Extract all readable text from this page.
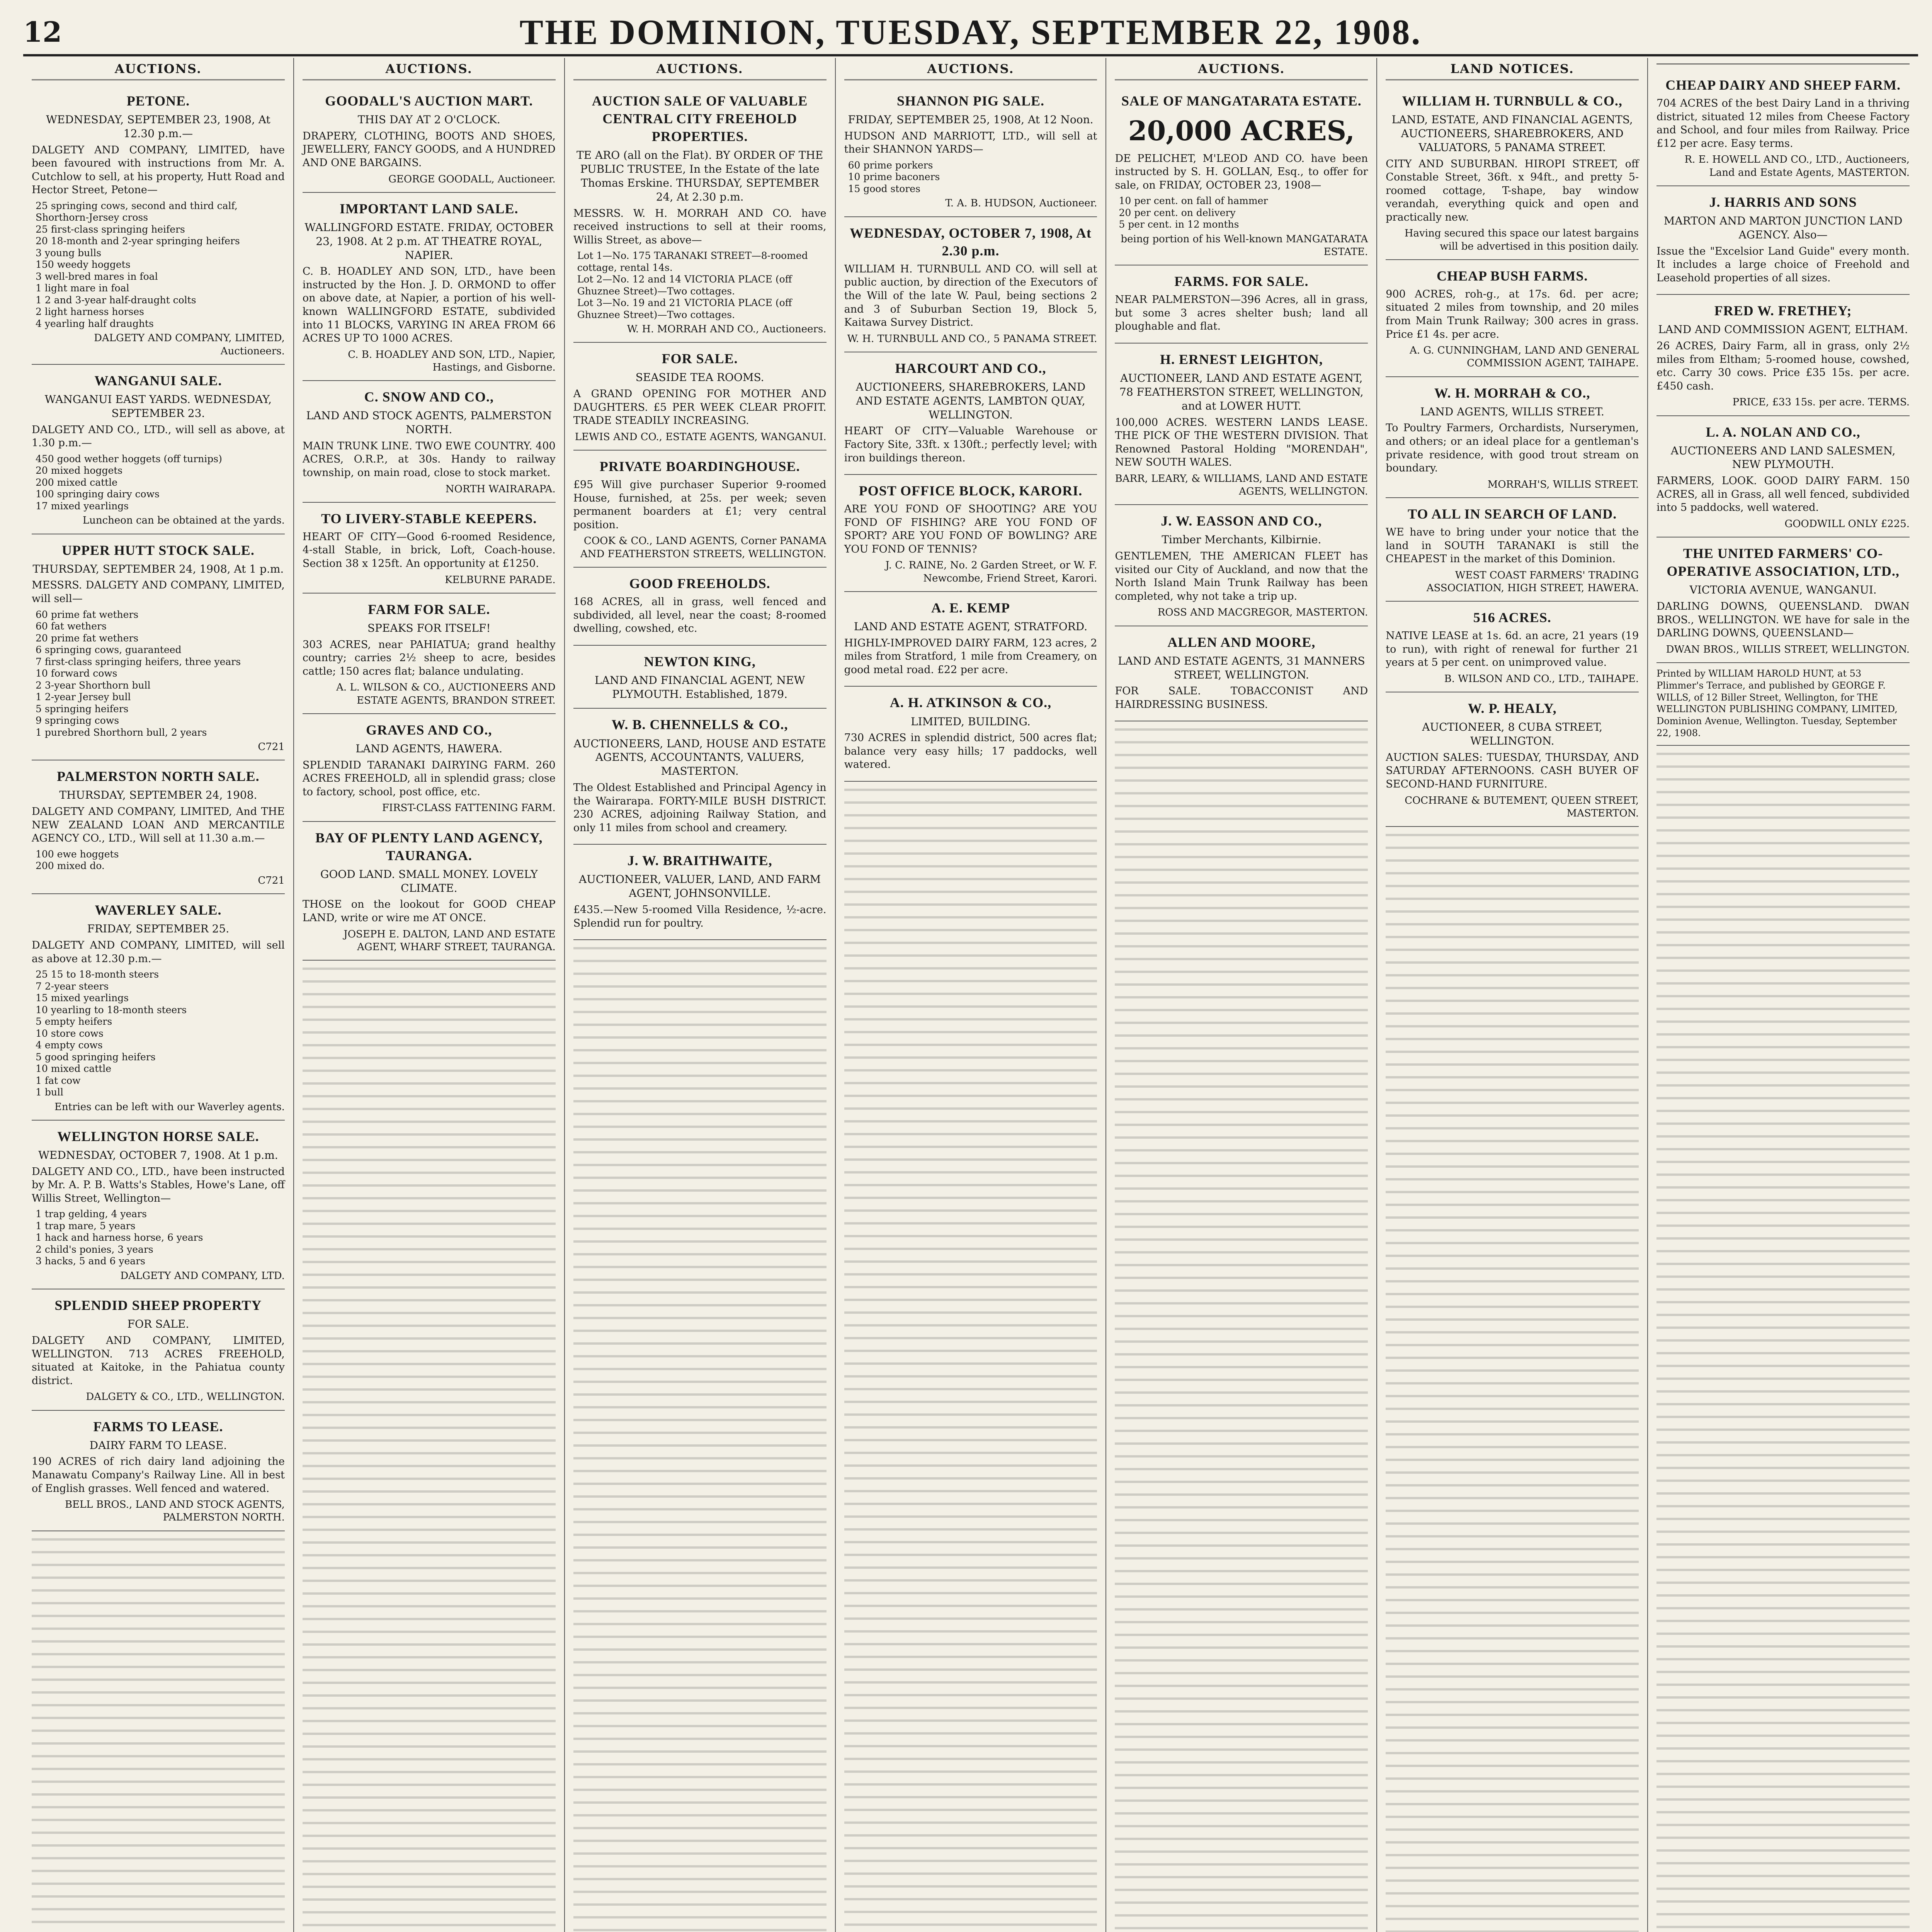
12	THE DOMINION, TUESDAY, SEPTEMBER 22, 1908.
AUCTIONS.
PETONE.
WEDNESDAY, SEPTEMBER 23, 1908, At 12.30 p.m.—
DALGETY AND COMPANY, LIMITED, have been favoured with instructions from Mr. A. Cutchlow to sell, at his property, Hutt Road and Hector Street, Petone—
25 springing cows, second and third calf, Shorthorn-Jersey cross
25 first-class springing heifers
20 18-month and 2-year springing heifers
3 young bulls
150 weedy hoggets
3 well-bred mares in foal
1 light mare in foal
1 2 and 3-year half-draught colts
2 light harness horses
4 yearling half draughts
DALGETY AND COMPANY, LIMITED, Auctioneers.
WANGANUI SALE.
WANGANUI EAST YARDS. WEDNESDAY, SEPTEMBER 23.
DALGETY AND CO., LTD., will sell as above, at 1.30 p.m.—
450 good wether hoggets (off turnips)
20 mixed hoggets
200 mixed cattle
100 springing dairy cows
17 mixed yearlings
Luncheon can be obtained at the yards.
UPPER HUTT STOCK SALE.
THURSDAY, SEPTEMBER 24, 1908, At 1 p.m.
MESSRS. DALGETY AND COMPANY, LIMITED, will sell—
60 prime fat wethers
60 fat wethers
20 prime fat wethers
6 springing cows, guaranteed
7 first-class springing heifers, three years
10 forward cows
2 3-year Shorthorn bull
1 2-year Jersey bull
5 springing heifers
9 springing cows
1 purebred Shorthorn bull, 2 years
C721
PALMERSTON NORTH SALE.
THURSDAY, SEPTEMBER 24, 1908.
DALGETY AND COMPANY, LIMITED, And THE NEW ZEALAND LOAN AND MERCANTILE AGENCY CO., LTD., Will sell at 11.30 a.m.—
100 ewe hoggets
200 mixed do.
C721
WAVERLEY SALE.
FRIDAY, SEPTEMBER 25.
DALGETY AND COMPANY, LIMITED, will sell as above at 12.30 p.m.—
25 15 to 18-month steers
7 2-year steers
15 mixed yearlings
10 yearling to 18-month steers
5 empty heifers
10 store cows
4 empty cows
5 good springing heifers
10 mixed cattle
1 fat cow
1 bull
Entries can be left with our Waverley agents.
WELLINGTON HORSE SALE.
WEDNESDAY, OCTOBER 7, 1908. At 1 p.m.
DALGETY AND CO., LTD., have been instructed by Mr. A. P. B. Watts's Stables, Howe's Lane, off Willis Street, Wellington—
1 trap gelding, 4 years
1 trap mare, 5 years
1 hack and harness horse, 6 years
2 child's ponies, 3 years
3 hacks, 5 and 6 years
DALGETY AND COMPANY, LTD.
SPLENDID SHEEP PROPERTY
FOR SALE.
DALGETY AND COMPANY, LIMITED, WELLINGTON. 713 ACRES FREEHOLD, situated at Kaitoke, in the Pahiatua county district.
DALGETY & CO., LTD., WELLINGTON.
FARMS TO LEASE.
DAIRY FARM TO LEASE.
190 ACRES of rich dairy land adjoining the Manawatu Company's Railway Line. All in best of English grasses. Well fenced and watered.
BELL BROS., LAND AND STOCK AGENTS, PALMERSTON NORTH.
AUCTIONS.
GOODALL'S AUCTION MART.
THIS DAY AT 2 O'CLOCK.
DRAPERY, CLOTHING, BOOTS AND SHOES, JEWELLERY, FANCY GOODS, and A HUNDRED AND ONE BARGAINS.
GEORGE GOODALL, Auctioneer.
IMPORTANT LAND SALE.
WALLINGFORD ESTATE. FRIDAY, OCTOBER 23, 1908. At 2 p.m. AT THEATRE ROYAL, NAPIER.
C. B. HOADLEY AND SON, LTD., have been instructed by the Hon. J. D. ORMOND to offer on above date, at Napier, a portion of his well-known WALLINGFORD ESTATE, subdivided into 11 BLOCKS, VARYING IN AREA FROM 66 ACRES UP TO 1000 ACRES.
C. B. HOADLEY AND SON, LTD., Napier, Hastings, and Gisborne.
C. SNOW AND CO.,
LAND AND STOCK AGENTS, PALMERSTON NORTH.
MAIN TRUNK LINE. TWO EWE COUNTRY. 400 ACRES, O.R.P., at 30s. Handy to railway township, on main road, close to stock market.
NORTH WAIRARAPA.
TO LIVERY-STABLE KEEPERS.
HEART OF CITY—Good 6-roomed Residence, 4-stall Stable, in brick, Loft, Coach-house. Section 38 x 125ft. An opportunity at £1250.
KELBURNE PARADE.
FARM FOR SALE.
SPEAKS FOR ITSELF!
303 ACRES, near PAHIATUA; grand healthy country; carries 2½ sheep to acre, besides cattle; 150 acres flat; balance undulating.
A. L. WILSON & CO., AUCTIONEERS AND ESTATE AGENTS, BRANDON STREET.
GRAVES AND CO.,
LAND AGENTS, HAWERA.
SPLENDID TARANAKI DAIRYING FARM. 260 ACRES FREEHOLD, all in splendid grass; close to factory, school, post office, etc.
FIRST-CLASS FATTENING FARM.
BAY OF PLENTY LAND AGENCY, TAURANGA.
GOOD LAND. SMALL MONEY. LOVELY CLIMATE.
THOSE on the lookout for GOOD CHEAP LAND, write or wire me AT ONCE.
JOSEPH E. DALTON, LAND AND ESTATE AGENT, WHARF STREET, TAURANGA.
AUCTIONS.
AUCTION SALE OF VALUABLE CENTRAL CITY FREEHOLD PROPERTIES.
TE ARO (all on the Flat). BY ORDER OF THE PUBLIC TRUSTEE, In the Estate of the late Thomas Erskine. THURSDAY, SEPTEMBER 24, At 2.30 p.m.
MESSRS. W. H. MORRAH AND CO. have received instructions to sell at their rooms, Willis Street, as above—
Lot 1—No. 175 TARANAKI STREET—8-roomed cottage, rental 14s.
Lot 2—No. 12 and 14 VICTORIA PLACE (off Ghuznee Street)—Two cottages.
Lot 3—No. 19 and 21 VICTORIA PLACE (off Ghuznee Street)—Two cottages.
W. H. MORRAH AND CO., Auctioneers.
FOR SALE.
SEASIDE TEA ROOMS.
A GRAND OPENING FOR MOTHER AND DAUGHTERS. £5 PER WEEK CLEAR PROFIT. TRADE STEADILY INCREASING.
LEWIS AND CO., ESTATE AGENTS, WANGANUI.
PRIVATE BOARDINGHOUSE.
£95 Will give purchaser Superior 9-roomed House, furnished, at 25s. per week; seven permanent boarders at £1; very central position.
COOK & CO., LAND AGENTS, Corner PANAMA AND FEATHERSTON STREETS, WELLINGTON.
GOOD FREEHOLDS.
168 ACRES, all in grass, well fenced and subdivided, all level, near the coast; 8-roomed dwelling, cowshed, etc.
NEWTON KING,
LAND AND FINANCIAL AGENT, NEW PLYMOUTH. Established, 1879.
W. B. CHENNELLS & CO.,
AUCTIONEERS, LAND, HOUSE AND ESTATE AGENTS, ACCOUNTANTS, VALUERS, MASTERTON.
The Oldest Established and Principal Agency in the Wairarapa. FORTY-MILE BUSH DISTRICT. 230 ACRES, adjoining Railway Station, and only 11 miles from school and creamery.
J. W. BRAITHWAITE,
AUCTIONEER, VALUER, LAND, AND FARM AGENT, JOHNSONVILLE.
£435.—New 5-roomed Villa Residence, ½-acre. Splendid run for poultry.
AUCTIONS.
SHANNON PIG SALE.
FRIDAY, SEPTEMBER 25, 1908, At 12 Noon.
HUDSON AND MARRIOTT, LTD., will sell at their SHANNON YARDS—
60 prime porkers
10 prime baconers
15 good stores
T. A. B. HUDSON, Auctioneer.
WEDNESDAY, OCTOBER 7, 1908, At 2.30 p.m.
WILLIAM H. TURNBULL AND CO. will sell at public auction, by direction of the Executors of the Will of the late W. Paul, being sections 2 and 3 of Suburban Section 19, Block 5, Kaitawa Survey District.
W. H. TURNBULL AND CO., 5 PANAMA STREET.
HARCOURT AND CO.,
AUCTIONEERS, SHAREBROKERS, LAND AND ESTATE AGENTS, LAMBTON QUAY, WELLINGTON.
HEART OF CITY—Valuable Warehouse or Factory Site, 33ft. x 130ft.; perfectly level; with iron buildings thereon.
POST OFFICE BLOCK, KARORI.
ARE YOU FOND OF SHOOTING? ARE YOU FOND OF FISHING? ARE YOU FOND OF SPORT? ARE YOU FOND OF BOWLING? ARE YOU FOND OF TENNIS?
J. C. RAINE, No. 2 Garden Street, or W. F. Newcombe, Friend Street, Karori.
A. E. KEMP
LAND AND ESTATE AGENT, STRATFORD.
HIGHLY-IMPROVED DAIRY FARM, 123 acres, 2 miles from Stratford, 1 mile from Creamery, on good metal road. £22 per acre.
A. H. ATKINSON & CO.,
LIMITED, BUILDING.
730 ACRES in splendid district, 500 acres flat; balance very easy hills; 17 paddocks, well watered.
AUCTIONS.
SALE OF MANGATARATA ESTATE.
20,000 ACRES,
DE PELICHET, M'LEOD AND CO. have been instructed by S. H. GOLLAN, Esq., to offer for sale, on FRIDAY, OCTOBER 23, 1908—
10 per cent. on fall of hammer
20 per cent. on delivery
5 per cent. in 12 months
being portion of his Well-known MANGATARATA ESTATE.
FARMS. FOR SALE.
NEAR PALMERSTON—396 Acres, all in grass, but some 3 acres shelter bush; land all ploughable and flat.
H. ERNEST LEIGHTON,
AUCTIONEER, LAND AND ESTATE AGENT, 78 FEATHERSTON STREET, WELLINGTON, and at LOWER HUTT.
100,000 ACRES. WESTERN LANDS LEASE. THE PICK OF THE WESTERN DIVISION. That Renowned Pastoral Holding "MORENDAH", NEW SOUTH WALES.
BARR, LEARY, & WILLIAMS, LAND AND ESTATE AGENTS, WELLINGTON.
J. W. EASSON AND CO.,
Timber Merchants, Kilbirnie.
GENTLEMEN, THE AMERICAN FLEET has visited our City of Auckland, and now that the North Island Main Trunk Railway has been completed, why not take a trip up.
ROSS AND MACGREGOR, MASTERTON.
ALLEN AND MOORE,
LAND AND ESTATE AGENTS, 31 MANNERS STREET, WELLINGTON.
FOR SALE. TOBACCONIST AND HAIRDRESSING BUSINESS.
LAND NOTICES.
WILLIAM H. TURNBULL & CO.,
LAND, ESTATE, AND FINANCIAL AGENTS, AUCTIONEERS, SHAREBROKERS, AND VALUATORS, 5 PANAMA STREET.
CITY AND SUBURBAN. HIROPI STREET, off Constable Street, 36ft. x 94ft., and pretty 5-roomed cottage, T-shape, bay window verandah, everything quick and open and practically new.
Having secured this space our latest bargains will be advertised in this position daily.
CHEAP BUSH FARMS.
900 ACRES, roh-g., at 17s. 6d. per acre; situated 2 miles from township, and 20 miles from Main Trunk Railway; 300 acres in grass. Price £1 4s. per acre.
A. G. CUNNINGHAM, LAND AND GENERAL COMMISSION AGENT, TAIHAPE.
W. H. MORRAH & CO.,
LAND AGENTS, WILLIS STREET.
To Poultry Farmers, Orchardists, Nurserymen, and others; or an ideal place for a gentleman's private residence, with good trout stream on boundary.
MORRAH'S, WILLIS STREET.
TO ALL IN SEARCH OF LAND.
WE have to bring under your notice that the land in SOUTH TARANAKI is still the CHEAPEST in the market of this Dominion.
WEST COAST FARMERS' TRADING ASSOCIATION, HIGH STREET, HAWERA.
516 ACRES.
NATIVE LEASE at 1s. 6d. an acre, 21 years (19 to run), with right of renewal for further 21 years at 5 per cent. on unimproved value.
B. WILSON AND CO., LTD., TAIHAPE.
W. P. HEALY,
AUCTIONEER, 8 CUBA STREET, WELLINGTON.
AUCTION SALES: TUESDAY, THURSDAY, AND SATURDAY AFTERNOONS. CASH BUYER OF SECOND-HAND FURNITURE.
COCHRANE & BUTEMENT, QUEEN STREET, MASTERTON.
CHEAP DAIRY AND SHEEP FARM.
704 ACRES of the best Dairy Land in a thriving district, situated 12 miles from Cheese Factory and School, and four miles from Railway. Price £12 per acre. Easy terms.
R. E. HOWELL AND CO., LTD., Auctioneers, Land and Estate Agents, MASTERTON.
J. HARRIS AND SONS
MARTON AND MARTON JUNCTION LAND AGENCY. Also—
Issue the "Excelsior Land Guide" every month. It includes a large choice of Freehold and Leasehold properties of all sizes.
FRED W. FRETHEY;
LAND AND COMMISSION AGENT, ELTHAM.
26 ACRES, Dairy Farm, all in grass, only 2½ miles from Eltham; 5-roomed house, cowshed, etc. Carry 30 cows. Price £35 15s. per acre. £450 cash.
PRICE, £33 15s. per acre. TERMS.
L. A. NOLAN AND CO.,
AUCTIONEERS AND LAND SALESMEN, NEW PLYMOUTH.
FARMERS, LOOK. GOOD DAIRY FARM. 150 ACRES, all in Grass, all well fenced, subdivided into 5 paddocks, well watered.
GOODWILL ONLY £225.
THE UNITED FARMERS' CO-OPERATIVE ASSOCIATION, LTD.,
VICTORIA AVENUE, WANGANUI.
DARLING DOWNS, QUEENSLAND. DWAN BROS., WELLINGTON. WE have for sale in the DARLING DOWNS, QUEENSLAND—
DWAN BROS., WILLIS STREET, WELLINGTON.
Printed by WILLIAM HAROLD HUNT, at 53 Plimmer's Terrace, and published by GEORGE F. WILLS, of 12 Biller Street, Wellington, for THE WELLINGTON PUBLISHING COMPANY, LIMITED, Dominion Avenue, Wellington. Tuesday, September 22, 1908.
